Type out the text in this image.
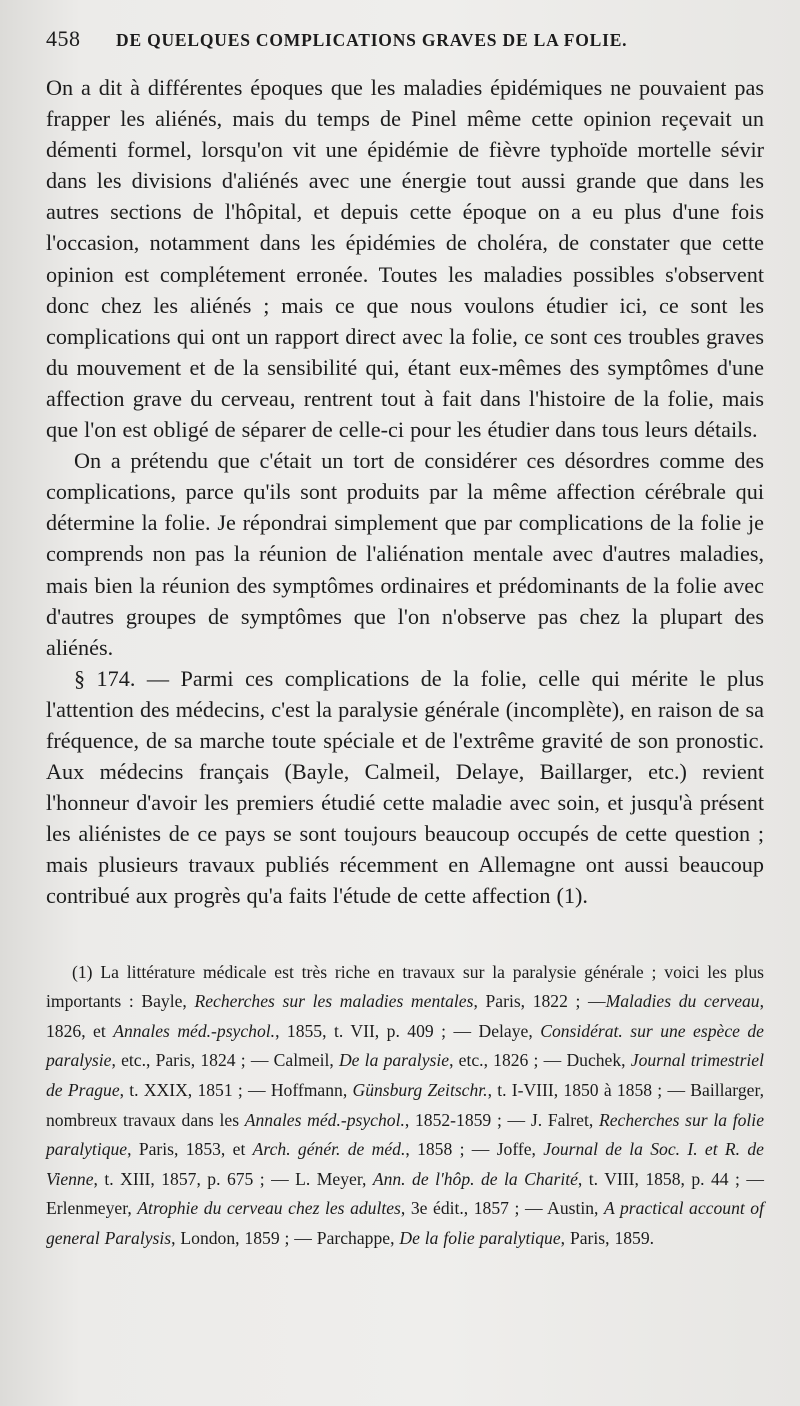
458	DE QUELQUES COMPLICATIONS GRAVES DE LA FOLIE.

On a dit à différentes époques que les maladies épidémiques ne pouvaient pas frapper les aliénés, mais du temps de Pinel même cette opinion reçevait un démenti formel, lorsqu'on vit une épidémie de fièvre typhoïde mortelle sévir dans les divisions d'aliénés avec une énergie tout aussi grande que dans les autres sections de l'hôpital, et depuis cette époque on a eu plus d'une fois l'occasion, notamment dans les épidémies de choléra, de constater que cette opinion est complétement erronée. Toutes les maladies possibles s'observent donc chez les aliénés ; mais ce que nous voulons étudier ici, ce sont les complications qui ont un rapport direct avec la folie, ce sont ces troubles graves du mouvement et de la sensibilité qui, étant eux-mêmes des symptômes d'une affection grave du cerveau, rentrent tout à fait dans l'histoire de la folie, mais que l'on est obligé de séparer de celle-ci pour les étudier dans tous leurs détails.

On a prétendu que c'était un tort de considérer ces désordres comme des complications, parce qu'ils sont produits par la même affection cérébrale qui détermine la folie. Je répondrai simplement que par complications de la folie je comprends non pas la réunion de l'aliénation mentale avec d'autres maladies, mais bien la réunion des symptômes ordinaires et prédominants de la folie avec d'autres groupes de symptômes que l'on n'observe pas chez la plupart des aliénés.

§ 174. — Parmi ces complications de la folie, celle qui mérite le plus l'attention des médecins, c'est la paralysie générale (incomplète), en raison de sa fréquence, de sa marche toute spéciale et de l'extrême gravité de son pronostic. Aux médecins français (Bayle, Calmeil, Delaye, Baillarger, etc.) revient l'honneur d'avoir les premiers étudié cette maladie avec soin, et jusqu'à présent les aliénistes de ce pays se sont toujours beaucoup occupés de cette question ; mais plusieurs travaux publiés récemment en Allemagne ont aussi beaucoup contribué aux progrès qu'a faits l'étude de cette affection (1).

(1) La littérature médicale est très riche en travaux sur la paralysie générale ; voici les plus importants : Bayle, Recherches sur les maladies mentales, Paris, 1822 ; —Maladies du cerveau, 1826, et Annales méd.-psychol., 1855, t. VII, p. 409 ; — Delaye, Considérat. sur une espèce de paralysie, etc., Paris, 1824 ; — Calmeil, De la paralysie, etc., 1826 ; — Duchek, Journal trimestriel de Prague, t. XXIX, 1851 ; — Hoffmann, Günsburg Zeitschr., t. I-VIII, 1850 à 1858 ; — Baillarger, nombreux travaux dans les Annales méd.-psychol., 1852-1859 ; — J. Falret, Recherches sur la folie paralytique, Paris, 1853, et Arch. génér. de méd., 1858 ; — Joffe, Journal de la Soc. I. et R. de Vienne, t. XIII, 1857, p. 675 ; — L. Meyer, Ann. de l'hôp. de la Charité, t. VIII, 1858, p. 44 ; — Erlenmeyer, Atrophie du cerveau chez les adultes, 3e édit., 1857 ; — Austin, A practical account of general Paralysis, London, 1859 ; — Parchappe, De la folie paralytique, Paris, 1859.
